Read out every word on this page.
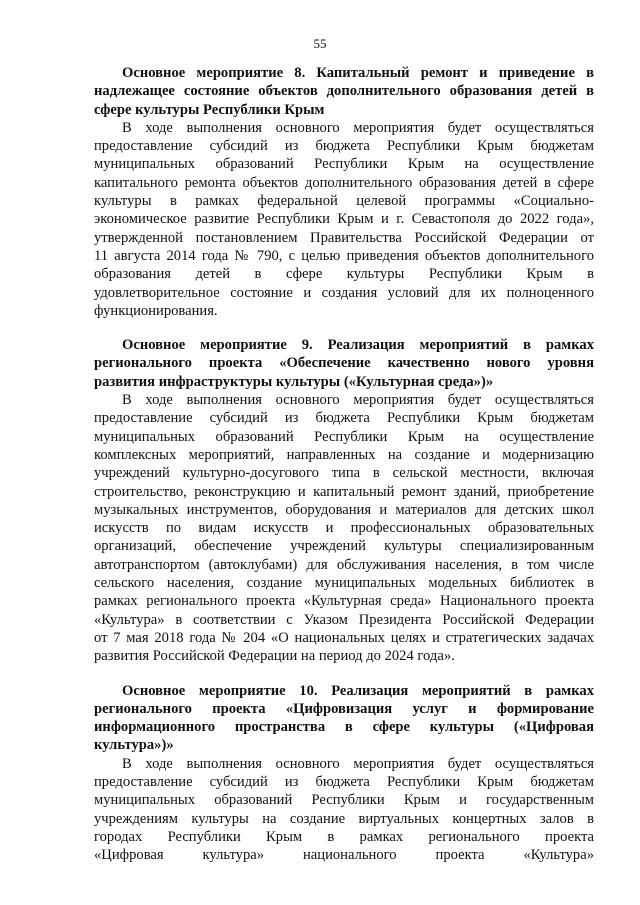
55
Основное мероприятие 8. Капитальный ремонт и приведение в
надлежащее состояние объектов дополнительного образования детей в
сфере культуры Республики Крым
В ходе выполнения основного мероприятия будет осуществляться
предоставление субсидий из бюджета Республики Крым бюджетам
муниципальных образований Республики Крым на осуществление
капитального ремонта объектов дополнительного образования детей в сфере
культуры в рамках федеральной целевой программы «Социально-
экономическое развитие Республики Крым и г. Севастополя до 2022 года»,
утвержденной постановлением Правительства Российской Федерации от
11 августа 2014 года № 790, с целью приведения объектов дополнительного
образования детей в сфере культуры Республики Крым в
удовлетворительное состояние и создания условий для их полноценного
функционирования.
Основное мероприятие 9. Реализация мероприятий в рамках
регионального проекта «Обеспечение качественно нового уровня
развития инфраструктуры культуры («Культурная среда»)»
В ходе выполнения основного мероприятия будет осуществляться
предоставление субсидий из бюджета Республики Крым бюджетам
муниципальных образований Республики Крым на осуществление
комплексных мероприятий, направленных на создание и модернизацию
учреждений культурно-досугового типа в сельской местности, включая
строительство, реконструкцию и капитальный ремонт зданий, приобретение
музыкальных инструментов, оборудования и материалов для детских школ
искусств по видам искусств и профессиональных образовательных
организаций, обеспечение учреждений культуры специализированным
автотранспортом (автоклубами) для обслуживания населения, в том числе
сельского населения, создание муниципальных модельных библиотек в
рамках регионального проекта «Культурная среда» Национального проекта
«Культура» в соответствии с Указом Президента Российской Федерации
от 7 мая 2018 года № 204 «О национальных целях и стратегических задачах
развития Российской Федерации на период до 2024 года».
Основное мероприятие 10. Реализация мероприятий в рамках
регионального проекта «Цифровизация услуг и формирование
информационного пространства в сфере культуры («Цифровая
культура»)»
В ходе выполнения основного мероприятия будет осуществляться
предоставление субсидий из бюджета Республики Крым бюджетам
муниципальных образований Республики Крым и государственным
учреждениям культуры на создание виртуальных концертных залов в
городах Республики Крым в рамках регионального проекта
«Цифровая культура» национального проекта «Культура»
